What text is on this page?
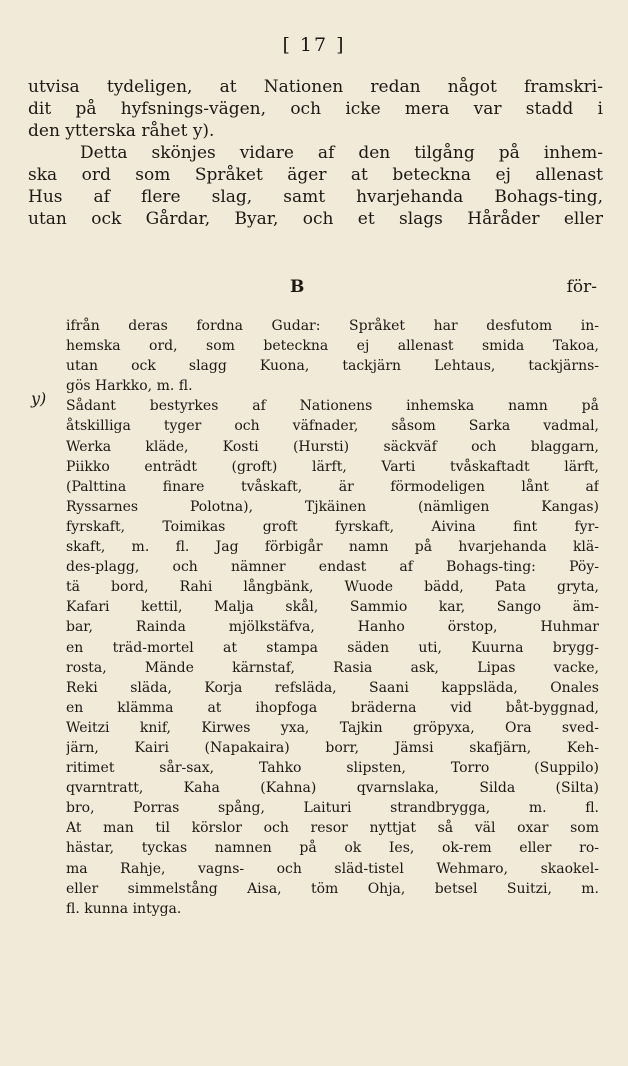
[ 17 ]
utvisa tydeligen, at Nationen redan något framskri-
dit på hyfsnings-vägen, och icke mera var stadd i
den ytterska råhet y).
Detta skönjes vidare af den tilgång på inhem-
ska ord som Språket äger at beteckna ej allenast
Hus af flere slag, samt hvarjehanda Bohags-ting,
utan ock Gårdar, Byar, och et slags Håråder eller
B	för-
y)
ifrån deras fordna Gudar: Språket har desfutom in-
hemska ord, som beteckna ej allenast smida Takoa,
utan ock slagg Kuona, tackjärn Lehtaus, tackjärns-
gös Harkko, m. fl.
Sådant bestyrkes af Nationens inhemska namn på
åtskilliga tyger och väfnader, såsom Sarka vadmal,
Werka kläde, Kosti (Hursti) säckväf och blaggarn,
Piikko enträdt (groft) lärft, Varti tvåskaftadt lärft,
(Palttina finare tvåskaft, är förmodeligen lånt af
Ryssarnes Polotna), Tjkäinen (nämligen Kangas)
fyrskaft, Toimikas groft fyrskaft, Aivina fint fyr-
skaft, m. fl. Jag förbigår namn på hvarjehanda klä-
des-plagg, och nämner endast af Bohags-ting: Pöy-
tä bord, Rahi långbänk, Wuode bädd, Pata gryta,
Kafari kettil, Malja skål, Sammio kar, Sango äm-
bar, Rainda mjölkstäfva, Hanho örstop, Huhmar
en träd-mortel at stampa säden uti, Kuurna brygg-
rosta, Mände kärnstaf, Rasia ask, Lipas vacke,
Reki släda, Korja refsläda, Saani kappsläda, Onales
en klämma at ihopfoga bräderna vid båt-byggnad,
Weitzi knif, Kirwes yxa, Tajkin gröpyxa, Ora sved-
järn, Kairi (Napakaira) borr, Jämsi skafjärn, Keh-
ritimet sår-sax, Tahko slipsten, Torro (Suppilo)
qvarntratt, Kaha (Kahna) qvarnslaka, Silda (Silta)
bro, Porras spång, Laituri strandbrygga, m. fl.
At man til körslor och resor nyttjat så väl oxar som
hästar, tyckas namnen på ok Ies, ok-rem eller ro-
ma Rahje, vagns- och släd-tistel Wehmaro, skaokel-
eller simmelstång Aisa, töm Ohja, betsel Suitzi, m.
fl. kunna intyga.
